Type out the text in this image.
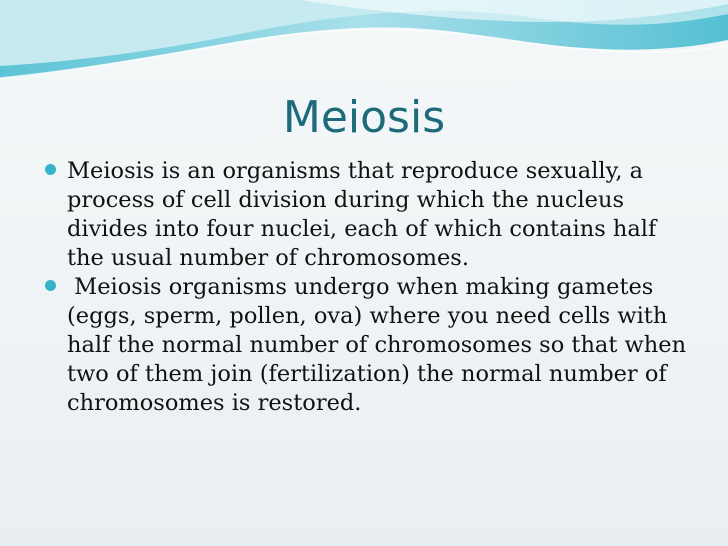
Meiosis
Meiosis is an organisms that reproduce sexually, a process of cell division during which the nucleus divides into four nuclei, each of which contains half the usual number of chromosomes.
Meiosis organisms undergo when making gametes (eggs, sperm, pollen, ova) where you need cells with half the normal number of chromosomes so that when two of them join (fertilization) the normal number of chromosomes is restored.
